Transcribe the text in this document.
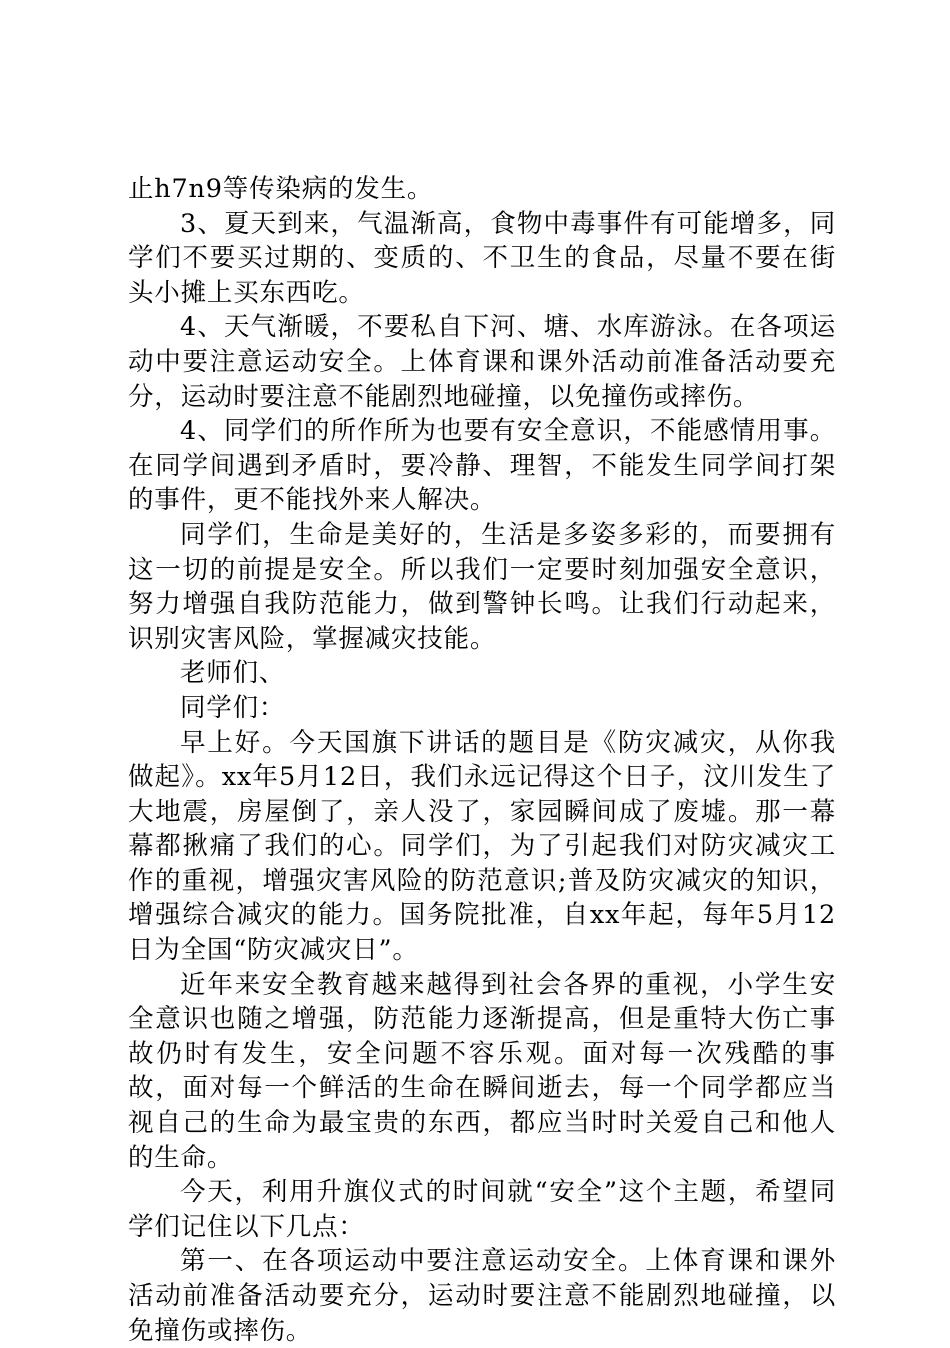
止h7n9等传染病的发生。

3、夏天到来，气温渐高，食物中毒事件有可能增多，同学们不要买过期的、变质的、不卫生的食品，尽量不要在街头小摊上买东西吃。

4、天气渐暖，不要私自下河、塘、水库游泳。在各项运动中要注意运动安全。上体育课和课外活动前准备活动要充分，运动时要注意不能剧烈地碰撞，以免撞伤或摔伤。

4、同学们的所作所为也要有安全意识，不能感情用事。在同学间遇到矛盾时，要冷静、理智，不能发生同学间打架的事件，更不能找外来人解决。

同学们，生命是美好的，生活是多姿多彩的，而要拥有这一切的前提是安全。所以我们一定要时刻加强安全意识，努力增强自我防范能力，做到警钟长鸣。让我们行动起来，识别灾害风险，掌握减灾技能。

老师们、

同学们：

早上好。今天国旗下讲话的题目是《防灾减灾，从你我做起》。xx年5月12日，我们永远记得这个日子，汶川发生了大地震，房屋倒了，亲人没了，家园瞬间成了废墟。那一幕幕都揪痛了我们的心。同学们，为了引起我们对防灾减灾工作的重视，增强灾害风险的防范意识;普及防灾减灾的知识，增强综合减灾的能力。国务院批准，自xx年起，每年5月12日为全国“防灾减灾日”。

近年来安全教育越来越得到社会各界的重视，小学生安全意识也随之增强，防范能力逐渐提高，但是重特大伤亡事故仍时有发生，安全问题不容乐观。面对每一次残酷的事故，面对每一个鲜活的生命在瞬间逝去，每一个同学都应当视自己的生命为最宝贵的东西，都应当时时关爱自己和他人的生命。

今天，利用升旗仪式的时间就“安全”这个主题，希望同学们记住以下几点：

第一、在各项运动中要注意运动安全。上体育课和课外活动前准备活动要充分，运动时要注意不能剧烈地碰撞，以免撞伤或摔伤。
